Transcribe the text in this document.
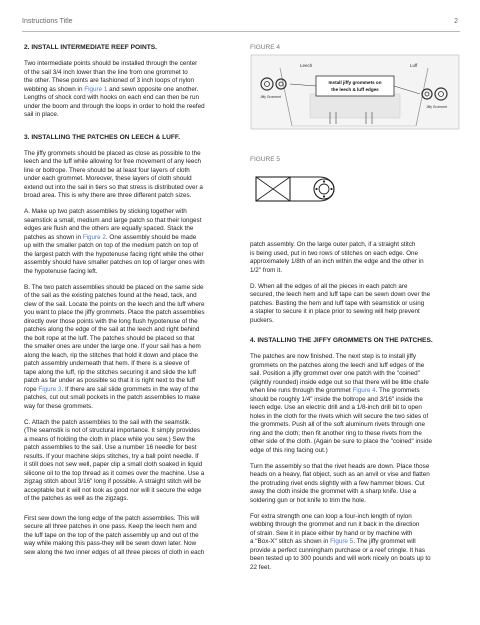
Instructions Title	2
2. INSTALL INTERMEDIATE REEF POINTS.

Two intermediate points should be installed through the center
of the sail 3/4 inch lower than the line from one grommet to
the other. These points are fashioned of 3 inch loops of nylon
webbing as shown in Figure 1 and sewn opposite one another.
Lengths of shock cord with hooks on each end can then be run
under the boom and through the loops in order to hold the reefed
sail in place.

3. INSTALLING THE PATCHES ON LEECH & LUFF.

The jiffy grommets should be placed as close as possible to the
leech and the luff while allowing for free movement of any leech
line or boltrope. There should be at least four layers of cloth
under each grommet. Moreover, these layers of cloth should
extend out into the sail in tiers so that stress is distributed over a
broad area. This is why there are three different patch sizes.

A. Make up two patch assemblies by sticking together with
seamstick a small, medium and large patch so that their longest
edges are flush and the others are equally spaced. Stack the
patches as shown in Figure 2. One assembly should be made
up with the smaller patch on top of the medium patch on top of
the largest patch with the hypotenuse facing right while the other
assembly should have smaller patches on top of larger ones with
the hypotenuse facing left.

B. The two patch assemblies should be placed on the same side
of the sail as the existing patches found at the head, tack, and
clew of the sail. Locate the points on the leech and the luff where
you want to place the jiffy grommets. Place the patch assemblies
directly over those points with the long flush hypotenuse of the
patches along the edge of the sail at the leech and right behind
the bolt rope at the luff. The patches should be placed so that
the smaller ones are under the large one. If your sail has a hem
along the leach, rip the stitches that hold it down and place the
patch assembly underneath that hem. If there is a sleeve of
tape along the luff, rip the stitches securing it and slide the luff
patch as far under as possible so that it is right next to the luff
rope Figure 3. If there are sail slide grommets in the way of the
patches, cut out small pockets in the patch assemblies to make
way for these grommets.

C. Attach the patch assemblies to the sail with the seamstik.
(The seamstik is not of structural importance. It simply provides
a means of holding the cloth in place while you sew.) Sew the
patch assemblies to the sail. Use a number 16 needle for best
results. If your machine skips stitches, try a ball point needle. If
it still does not sew well, paper clip a small cloth soaked in liquid
silicone oil to the top thread as it comes over the machine. Use a
zigzag stitch about 3/16" long if possible. A straight stitch will be
acceptable but it will not look as good nor will it secure the edge
of the patches as well as the zigzags.

First sew down the long edge of the patch assemblies. This will
secure all three patches in one pass. Keep the leech hem and
the luff tape on the top of the patch assembly up and out of the
way while making this pass-they will be sewn down later. Now
sew along the two inner edges of all three pieces of cloth in each

FIGURE 4
Leech	Luff
Install jiffy grommets on
the leech & luff edges
Jiffy Grommet
Jiffy Grommet
FIGURE 5

patch assembly. On the large outer patch, if a straight stitch
is being used, put in two rows of stitches on each edge. One
approximately 1/8th of an inch within the edge and the other in
1/2" from it.

D. When all the edges of all the pieces in each patch are
secured, the leech hem and luff tape can be sewn down over the
patches. Basting the hem and luff tape with seamstick or using
a stapler to secure it in place prior to sewing will help prevent
puckers.

4. INSTALLING THE JIFFY GROMMETS ON THE PATCHES.

The patches are now finished. The next step is to install jiffy
grommets on the patches along the leech and luff edges of the
sail. Position a jiffy grommet over one patch with the "coined"
(slightly rounded) inside edge out so that there will be little chafe
when line runs through the grommet Figure 4. The grommets
should be roughly 1/4" inside the boltrope and 3/16" inside the
leech edge. Use an electric drill and a 1/8-inch drill bit to open
holes in the cloth for the rivets which will secure the two sides of
the grommets. Push all of the soft aluminum rivets through one
ring and the cloth; then fit another ring to these rivets from the
other side of the cloth. (Again be sure to place the "coined" inside
edge of this ring facing out.)

Turn the assembly so that the rivet heads are down. Place those
heads on a heavy, flat object, such as an anvil or vise and flatten
the protruding rivet ends slightly with a few hammer blows. Cut
away the cloth inside the grommet with a sharp knife. Use a
soldering gun or hot knife to trim the hole.

For extra strength one can loop a four-inch length of nylon
webbing through the grommet and run it back in the direction
of strain. Sew it in place either by hand or by machine with
a "Box-X" stitch as shown in Figure 5. The jiffy grommet will
provide a perfect cunningham purchase or a reef cringle. It has
been tested up to 300 pounds and will work nicely on boats up to
22 feet.
